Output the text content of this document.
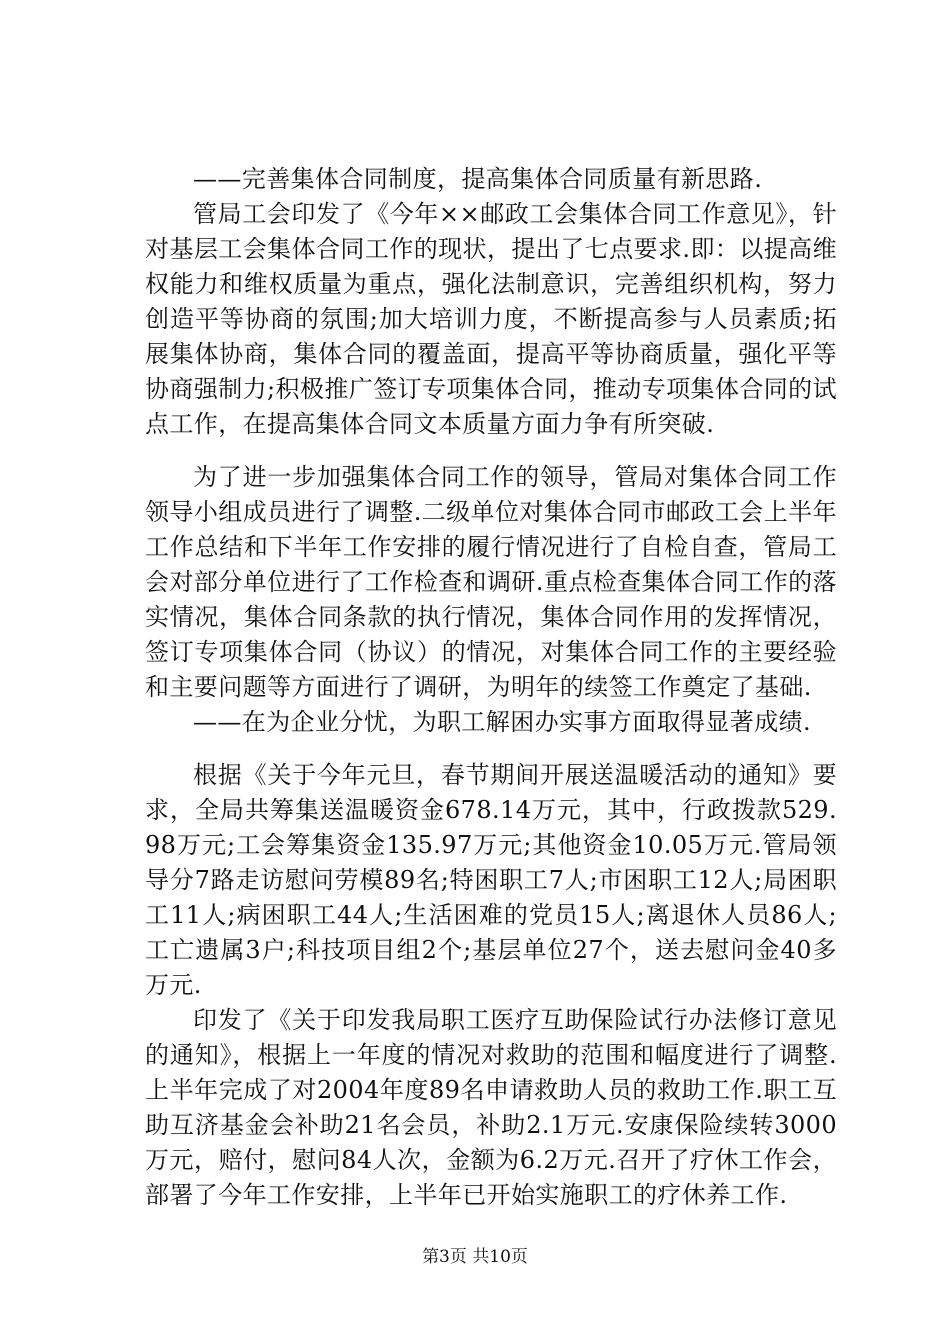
——完善集体合同制度，提高集体合同质量有新思路.

管局工会印发了《今年××邮政工会集体合同工作意见》，针对基层工会集体合同工作的现状，提出了七点要求.即：以提高维权能力和维权质量为重点，强化法制意识，完善组织机构，努力创造平等协商的氛围;加大培训力度，不断提高参与人员素质;拓展集体协商，集体合同的覆盖面，提高平等协商质量，强化平等协商强制力;积极推广签订专项集体合同，推动专项集体合同的试点工作，在提高集体合同文本质量方面力争有所突破.

为了进一步加强集体合同工作的领导，管局对集体合同工作领导小组成员进行了调整.二级单位对集体合同市邮政工会上半年工作总结和下半年工作安排的履行情况进行了自检自查，管局工会对部分单位进行了工作检查和调研.重点检查集体合同工作的落实情况，集体合同条款的执行情况，集体合同作用的发挥情况，签订专项集体合同（协议）的情况，对集体合同工作的主要经验和主要问题等方面进行了调研，为明年的续签工作奠定了基础.

——在为企业分忧，为职工解困办实事方面取得显著成绩.

根据《关于今年元旦，春节期间开展送温暖活动的通知》要求，全局共筹集送温暖资金678.14万元，其中，行政拨款529.98万元;工会筹集资金135.97万元;其他资金10.05万元.管局领导分7路走访慰问劳模89名;特困职工7人;市困职工12人;局困职工11人;病困职工44人;生活困难的党员15人;离退休人员86人;工亡遗属3户;科技项目组2个;基层单位27个，送去慰问金40多万元.

印发了《关于印发我局职工医疗互助保险试行办法修订意见的通知》，根据上一年度的情况对救助的范围和幅度进行了调整.上半年完成了对2004年度89名申请救助人员的救助工作.职工互助互济基金会补助21名会员，补助2.1万元.安康保险续转3000万元，赔付，慰问84人次，金额为6.2万元.召开了疗休工作会，部署了今年工作安排，上半年已开始实施职工的疗休养工作.

第3页 共10页
